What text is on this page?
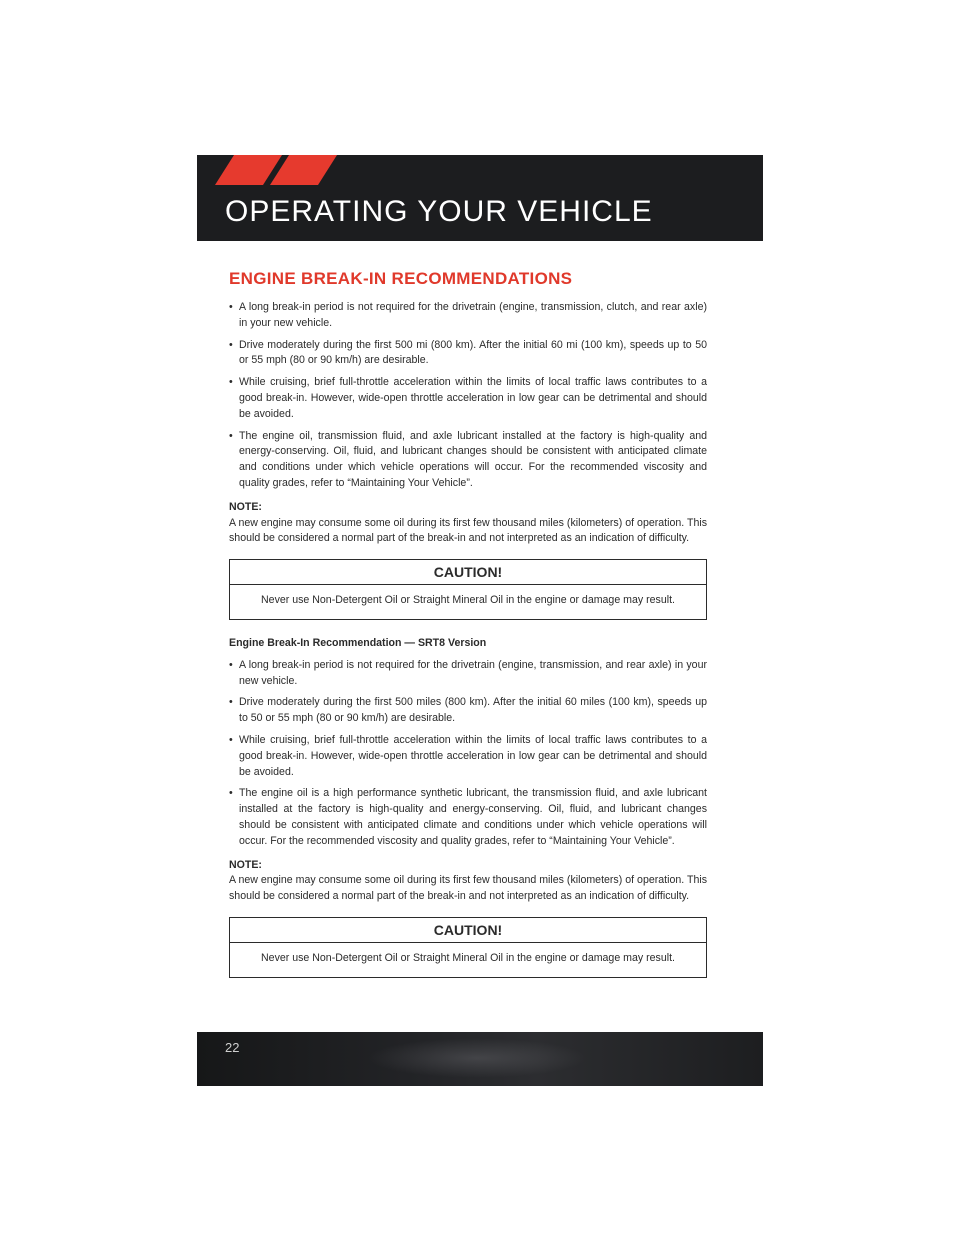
OPERATING YOUR VEHICLE
ENGINE BREAK-IN RECOMMENDATIONS
• A long break-in period is not required for the drivetrain (engine, transmission, clutch, and rear axle) in your new vehicle.
• Drive moderately during the first 500 mi (800 km). After the initial 60 mi (100 km), speeds up to 50 or 55 mph (80 or 90 km/h) are desirable.
• While cruising, brief full-throttle acceleration within the limits of local traffic laws contributes to a good break-in. However, wide-open throttle acceleration in low gear can be detrimental and should be avoided.
• The engine oil, transmission fluid, and axle lubricant installed at the factory is high-quality and energy-conserving. Oil, fluid, and lubricant changes should be consistent with anticipated climate and conditions under which vehicle operations will occur. For the recommended viscosity and quality grades, refer to “Maintaining Your Vehicle”.
NOTE:

A new engine may consume some oil during its first few thousand miles (kilometers) of operation. This should be considered a normal part of the break-in and not interpreted as an indication of difficulty.

CAUTION!
Never use Non-Detergent Oil or Straight Mineral Oil in the engine or damage may result.
Engine Break-In Recommendation — SRT8 Version
• A long break-in period is not required for the drivetrain (engine, transmission, and rear axle) in your new vehicle.
• Drive moderately during the first 500 miles (800 km). After the initial 60 miles (100 km), speeds up to 50 or 55 mph (80 or 90 km/h) are desirable.
• While cruising, brief full-throttle acceleration within the limits of local traffic laws contributes to a good break-in. However, wide-open throttle acceleration in low gear can be detrimental and should be avoided.
• The engine oil is a high performance synthetic lubricant, the transmission fluid, and axle lubricant installed at the factory is high-quality and energy-conserving. Oil, fluid, and lubricant changes should be consistent with anticipated climate and conditions under which vehicle operations will occur. For the recommended viscosity and quality grades, refer to “Maintaining Your Vehicle”.
NOTE:

A new engine may consume some oil during its first few thousand miles (kilometers) of operation. This should be considered a normal part of the break-in and not interpreted as an indication of difficulty.

CAUTION!
Never use Non-Detergent Oil or Straight Mineral Oil in the engine or damage may result.
22
